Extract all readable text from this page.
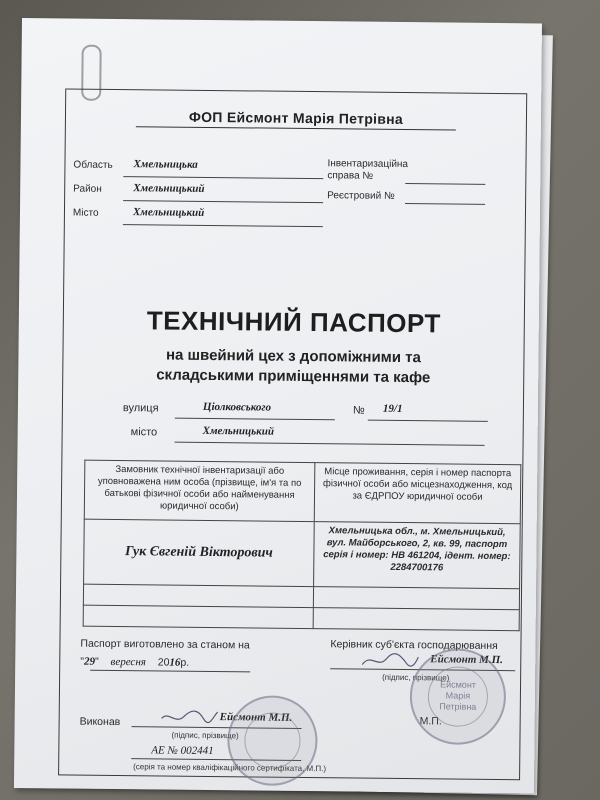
ФОП Ейсмонт Марія Петрівна
Область Хмельницька
Район	Хмельницький
Місто	Хмельницький
Інвентаризаційна
справа №
Реєстровий №
ТЕХНІЧНИЙ ПАСПОРТ
на швейний цех з допоміжними та
складськими приміщеннями та кафе
вулиця	Ціолковського	№ 19/1
місто	Хмельницький
Замовник технічної інвентаризації або уповноважена ним особа (прізвище, ім'я та по батькові фізичної особи або найменування юридичної особи)	Місце проживання, серія і номер паспорта фізичної особи або місцезнаходження, код за ЄДРПОУ юридичної особи
Гук Євгеній Вікторович	Хмельницька обл., м. Хмельницький, вул. Майборського, 2, кв. 99, паспорт серія і номер: НВ 461204, ідент. номер: 2284700176

Паспорт виготовлено за станом на
"29" вересня 2016р.
Керівник суб'єкта господарювання
Ейсмонт М.П.
(підпис, прізвище)
Виконав	Ейсмонт М.П.
(підпис, прізвище)
АЕ № 002441
(серія та номер кваліфікаційного сертифіката, М.П.)
М.П.
Ейсмонт
Марія
Петрівна
